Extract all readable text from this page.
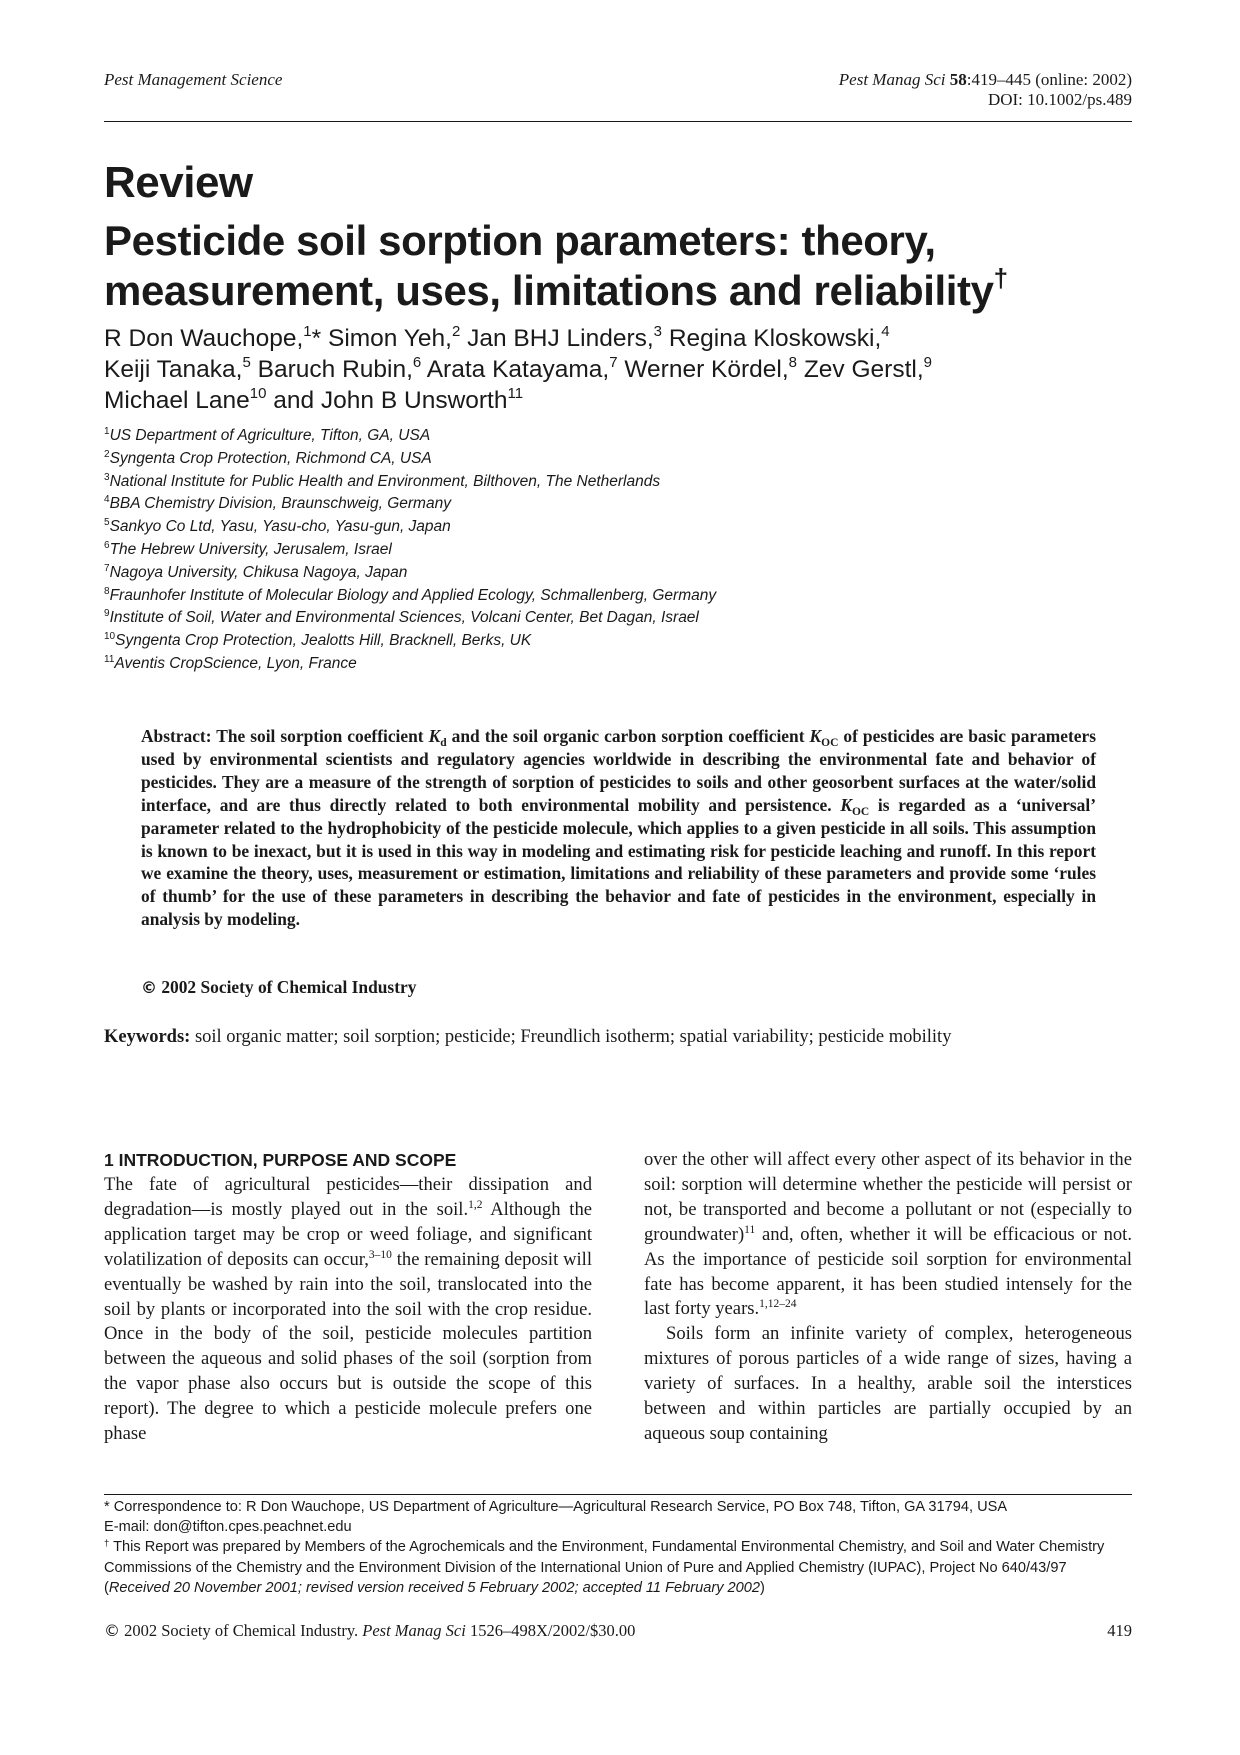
Pest Management Science	Pest Manag Sci 58:419–445 (online: 2002)
DOI: 10.1002/ps.489
Review
Pesticide soil sorption parameters: theory,
measurement, uses, limitations and reliability†
R Don Wauchope,$^1$* Simon Yeh,$^2$ Jan BHJ Linders,$^3$ Regina Kloskowski,$^4$
Keiji Tanaka,$^5$ Baruch Rubin,$^6$ Arata Katayama,$^7$ Werner Kördel,$^8$ Zev Gerstl,$^9$
Michael Lane$^{10}$ and John B Unsworth$^{11}$
$^1$US Department of Agriculture, Tifton, GA, USA
$^2$Syngenta Crop Protection, Richmond CA, USA
$^3$National Institute for Public Health and Environment, Bilthoven, The Netherlands
$^4$BBA Chemistry Division, Braunschweig, Germany
$^5$Sankyo Co Ltd, Yasu, Yasu-cho, Yasu-gun, Japan
$^6$The Hebrew University, Jerusalem, Israel
$^7$Nagoya University, Chikusa Nagoya, Japan
$^8$Fraunhofer Institute of Molecular Biology and Applied Ecology, Schmallenberg, Germany
$^9$Institute of Soil, Water and Environmental Sciences, Volcani Center, Bet Dagan, Israel
$^{10}$Syngenta Crop Protection, Jealotts Hill, Bracknell, Berks, UK
$^{11}$Aventis CropScience, Lyon, France
Abstract: The soil sorption coefficient $K_d$ and the soil organic carbon sorption coefficient $K_{OC}$ of pesticides are basic parameters used by environmental scientists and regulatory agencies worldwide in describing the environmental fate and behavior of pesticides. They are a measure of the strength of sorption of pesticides to soils and other geosorbent surfaces at the water/solid interface, and are thus directly related to both environmental mobility and persistence. $K_{OC}$ is regarded as a ‘universal’ parameter related to the hydrophobicity of the pesticide molecule, which applies to a given pesticide in all soils. This assumption is known to be inexact, but it is used in this way in modeling and estimating risk for pesticide leaching and runoff. In this report we examine the theory, uses, measurement or estimation, limitations and reliability of these parameters and provide some ‘rules of thumb’ for the use of these parameters in describing the behavior and fate of pesticides in the environment, especially in analysis by modeling.
© 2002 Society of Chemical Industry
Keywords: soil organic matter; soil sorption; pesticide; Freundlich isotherm; spatial variability; pesticide mobility
1 INTRODUCTION, PURPOSE AND SCOPE

The fate of agricultural pesticides—their dissipation and degradation—is mostly played out in the soil.$^{1,2}$ Although the application target may be crop or weed foliage, and significant volatilization of deposits can occur,$^{3-10}$ the remaining deposit will eventually be washed by rain into the soil, translocated into the soil by plants or incorporated into the soil with the crop residue. Once in the body of the soil, pesticide molecules partition between the aqueous and solid phases of the soil (sorption from the vapor phase also occurs but is outside the scope of this report). The degree to which a pesticide molecule prefers one phase

over the other will affect every other aspect of its behavior in the soil: sorption will determine whether the pesticide will persist or not, be transported and become a pollutant or not (especially to groundwater)$^{11}$ and, often, whether it will be efficacious or not. As the importance of pesticide soil sorption for environmental fate has become apparent, it has been studied intensely for the last forty years.$^{1,12-24}$

Soils form an infinite variety of complex, heterogeneous mixtures of porous particles of a wide range of sizes, having a variety of surfaces. In a healthy, arable soil the interstices between and within particles are partially occupied by an aqueous soup containing

* Correspondence to: R Don Wauchope, US Department of Agriculture—Agricultural Research Service, PO Box 748, Tifton, GA 31794, USA

E-mail: don@tifton.cpes.peachnet.edu

† This Report was prepared by Members of the Agrochemicals and the Environment, Fundamental Environmental Chemistry, and Soil and Water Chemistry Commissions of the Chemistry and the Environment Division of the International Union of Pure and Applied Chemistry (IUPAC), Project No 640/43/97

(Received 20 November 2001; revised version received 5 February 2002; accepted 11 February 2002)

© 2002 Society of Chemical Industry. Pest Manag Sci 1526–498X/2002/$30.00	419
